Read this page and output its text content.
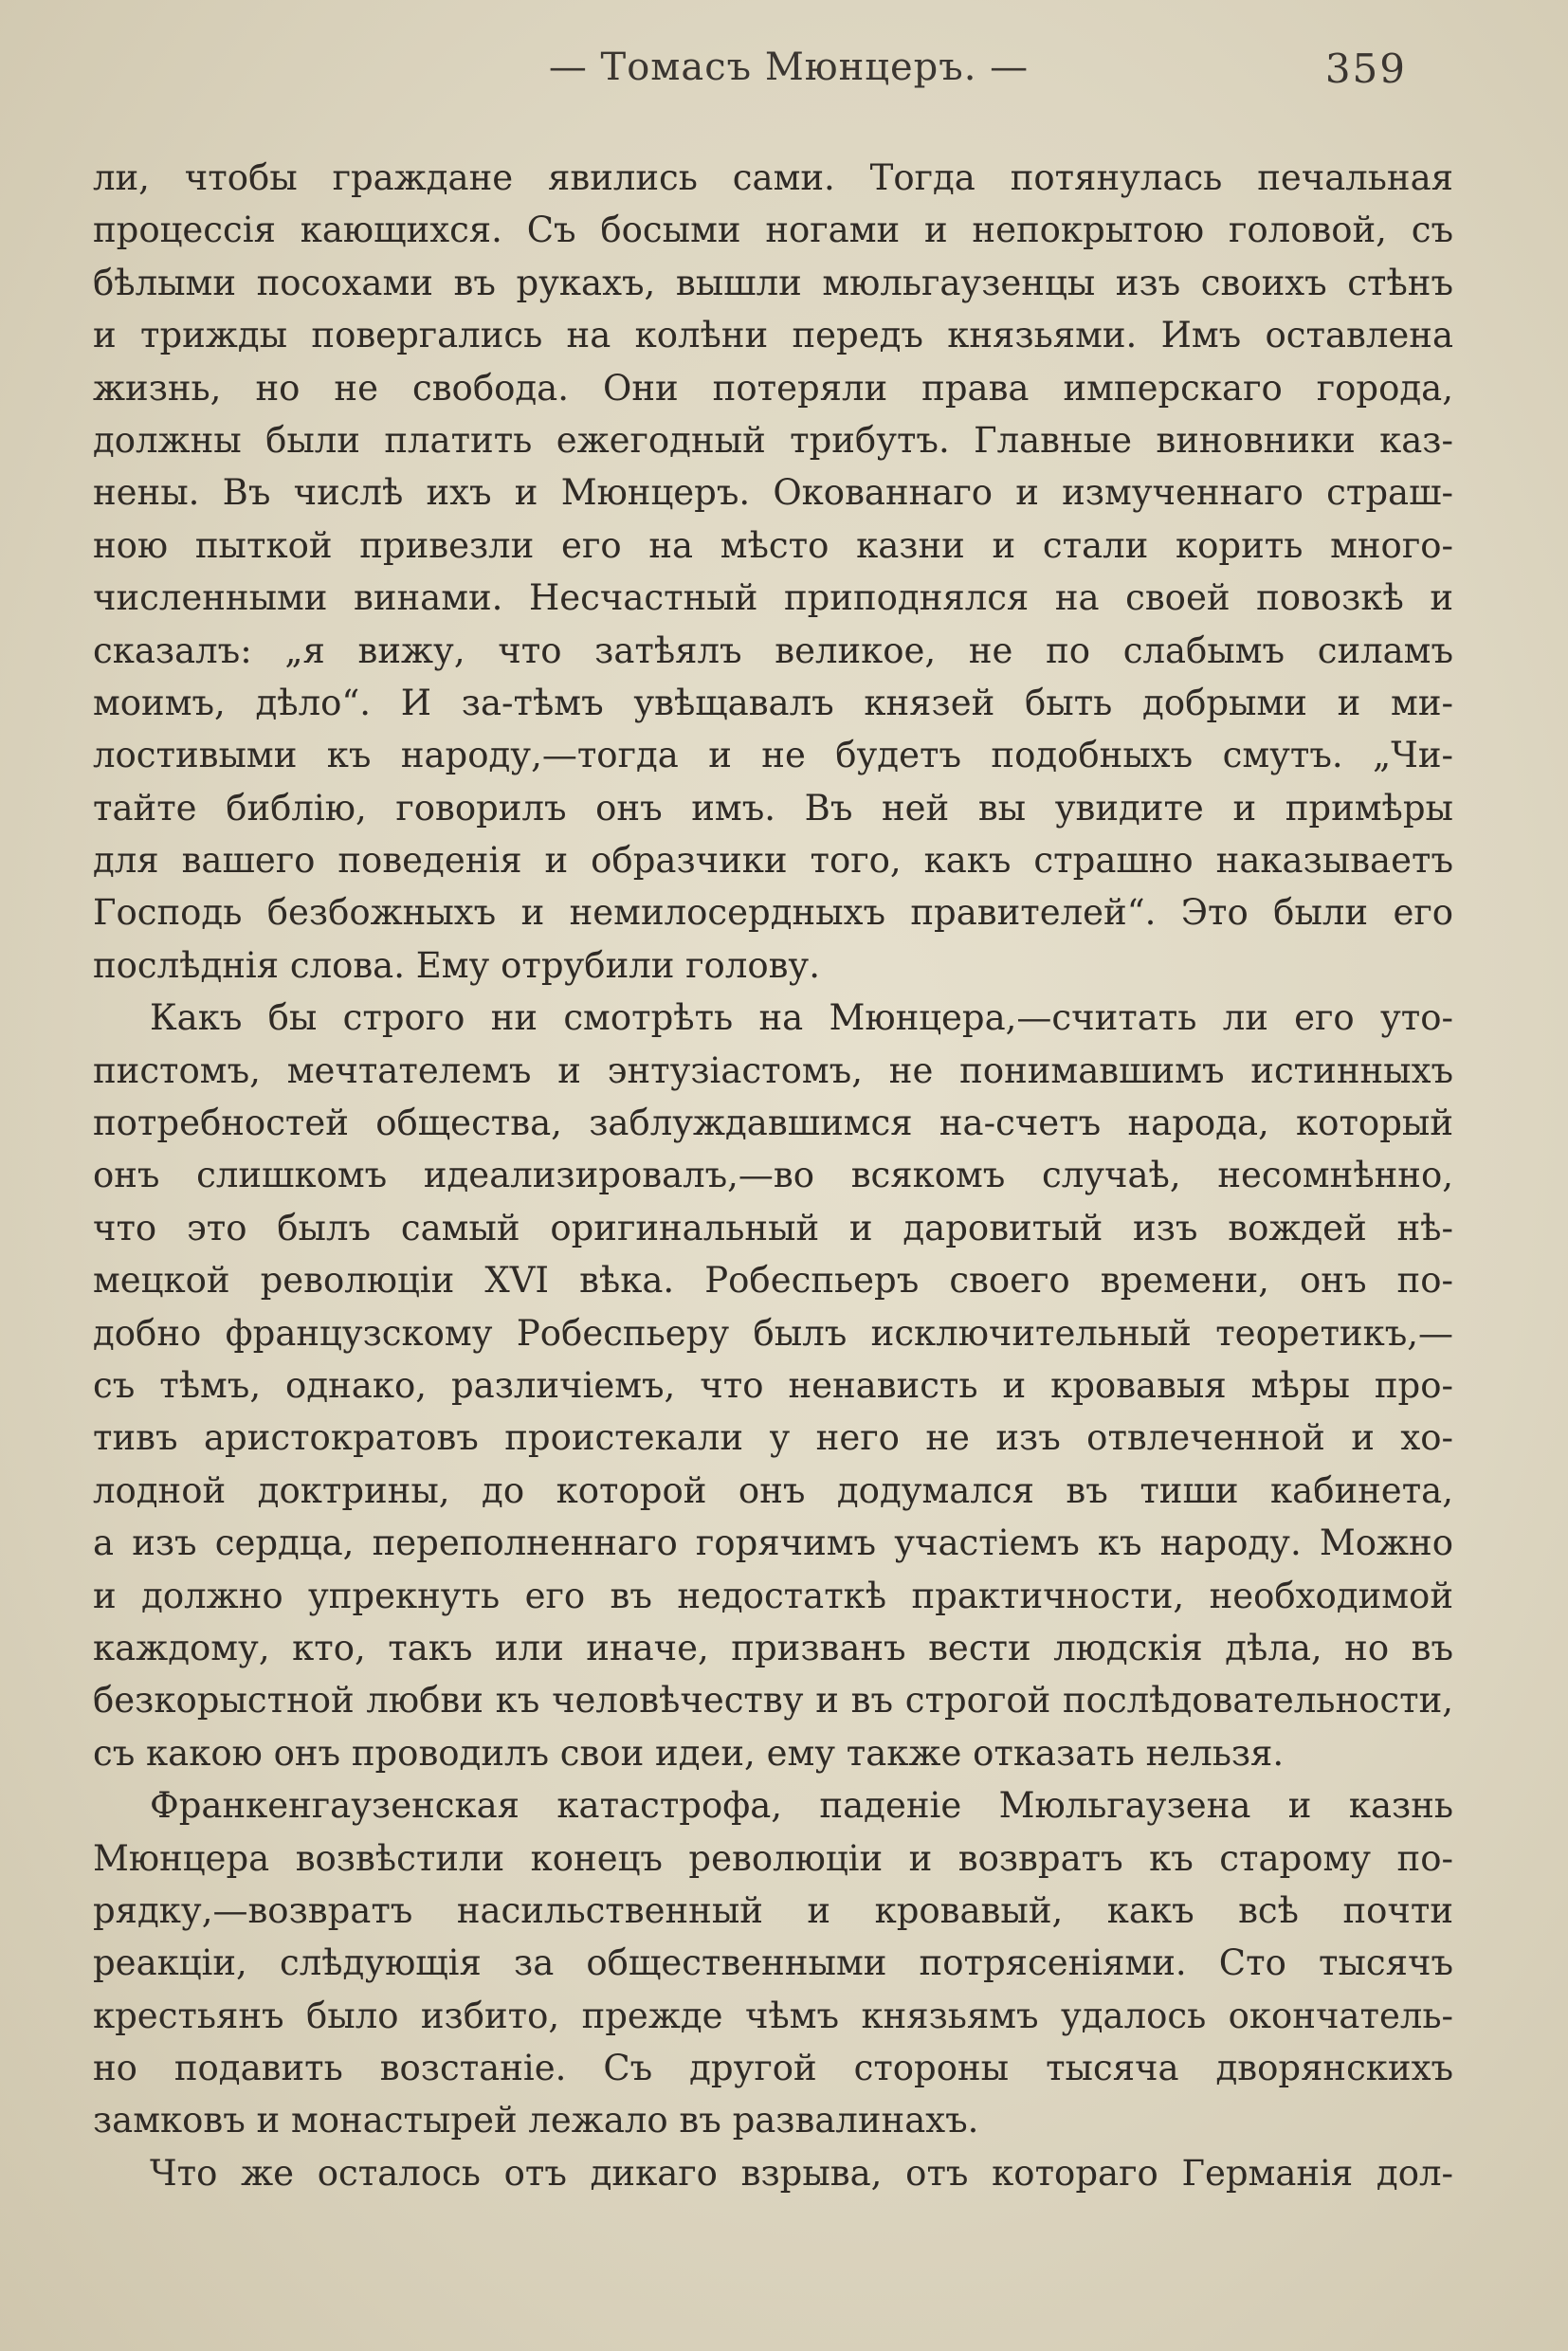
— Томасъ Мюнцеръ. —	359
ли, чтобы граждане явились сами. Тогда потянулась печальная
процессія кающихся. Съ босыми ногами и непокрытою головой, съ
бѣлыми посохами въ рукахъ, вышли мюльгаузенцы изъ своихъ стѣнъ
и трижды повергались на колѣни передъ князьями. Имъ оставлена
жизнь, но не свобода. Они потеряли права имперскаго города,
должны были платить ежегодный трибутъ. Главные виновники каз-
нены. Въ числѣ ихъ и Мюнцеръ. Окованнаго и измученнаго страш-
ною пыткой привезли его на мѣсто казни и стали корить много-
численными винами. Несчастный приподнялся на своей повозкѣ и
сказалъ: „я вижу, что затѣялъ великое, не по слабымъ силамъ
моимъ, дѣло“. И за-тѣмъ увѣщавалъ князей быть добрыми и ми-
лостивыми къ народу,—тогда и не будетъ подобныхъ смутъ. „Чи-
тайте библію, говорилъ онъ имъ. Въ ней вы увидите и примѣры
для вашего поведенія и образчики того, какъ страшно наказываетъ
Господь безбожныхъ и немилосердныхъ правителей“. Это были его
послѣднія слова. Ему отрубили голову.
Какъ бы строго ни смотрѣть на Мюнцера,—считать ли его уто-
пистомъ, мечтателемъ и энтузіастомъ, не понимавшимъ истинныхъ
потребностей общества, заблуждавшимся на-счетъ народа, который
онъ слишкомъ идеализировалъ,—во всякомъ случаѣ, несомнѣнно,
что это былъ самый оригинальный и даровитый изъ вождей нѣ-
мецкой революціи XVI вѣка. Робеспьеръ своего времени, онъ по-
добно французскому Робеспьеру былъ исключительный теоретикъ,—
съ тѣмъ, однако, различіемъ, что ненависть и кровавыя мѣры про-
тивъ аристократовъ проистекали у него не изъ отвлеченной и хо-
лодной доктрины, до которой онъ додумался въ тиши кабинета,
а изъ сердца, переполненнаго горячимъ участіемъ къ народу. Можно
и должно упрекнуть его въ недостаткѣ практичности, необходимой
каждому, кто, такъ или иначе, призванъ вести людскія дѣла, но въ
безкорыстной любви къ человѣчеству и въ строгой послѣдовательности,
съ какою онъ проводилъ свои идеи, ему также отказать нельзя.
Франкенгаузенская катастрофа, паденіе Мюльгаузена и казнь
Мюнцера возвѣстили конецъ революціи и возвратъ къ старому по-
рядку,—возвратъ насильственный и кровавый, какъ всѣ почти
реакціи, слѣдующія за общественными потрясеніями. Сто тысячъ
крестьянъ было избито, прежде чѣмъ князьямъ удалось окончатель-
но подавить возстаніе. Съ другой стороны тысяча дворянскихъ
замковъ и монастырей лежало въ развалинахъ.
Что же осталось отъ дикаго взрыва, отъ котораго Германія дол-
